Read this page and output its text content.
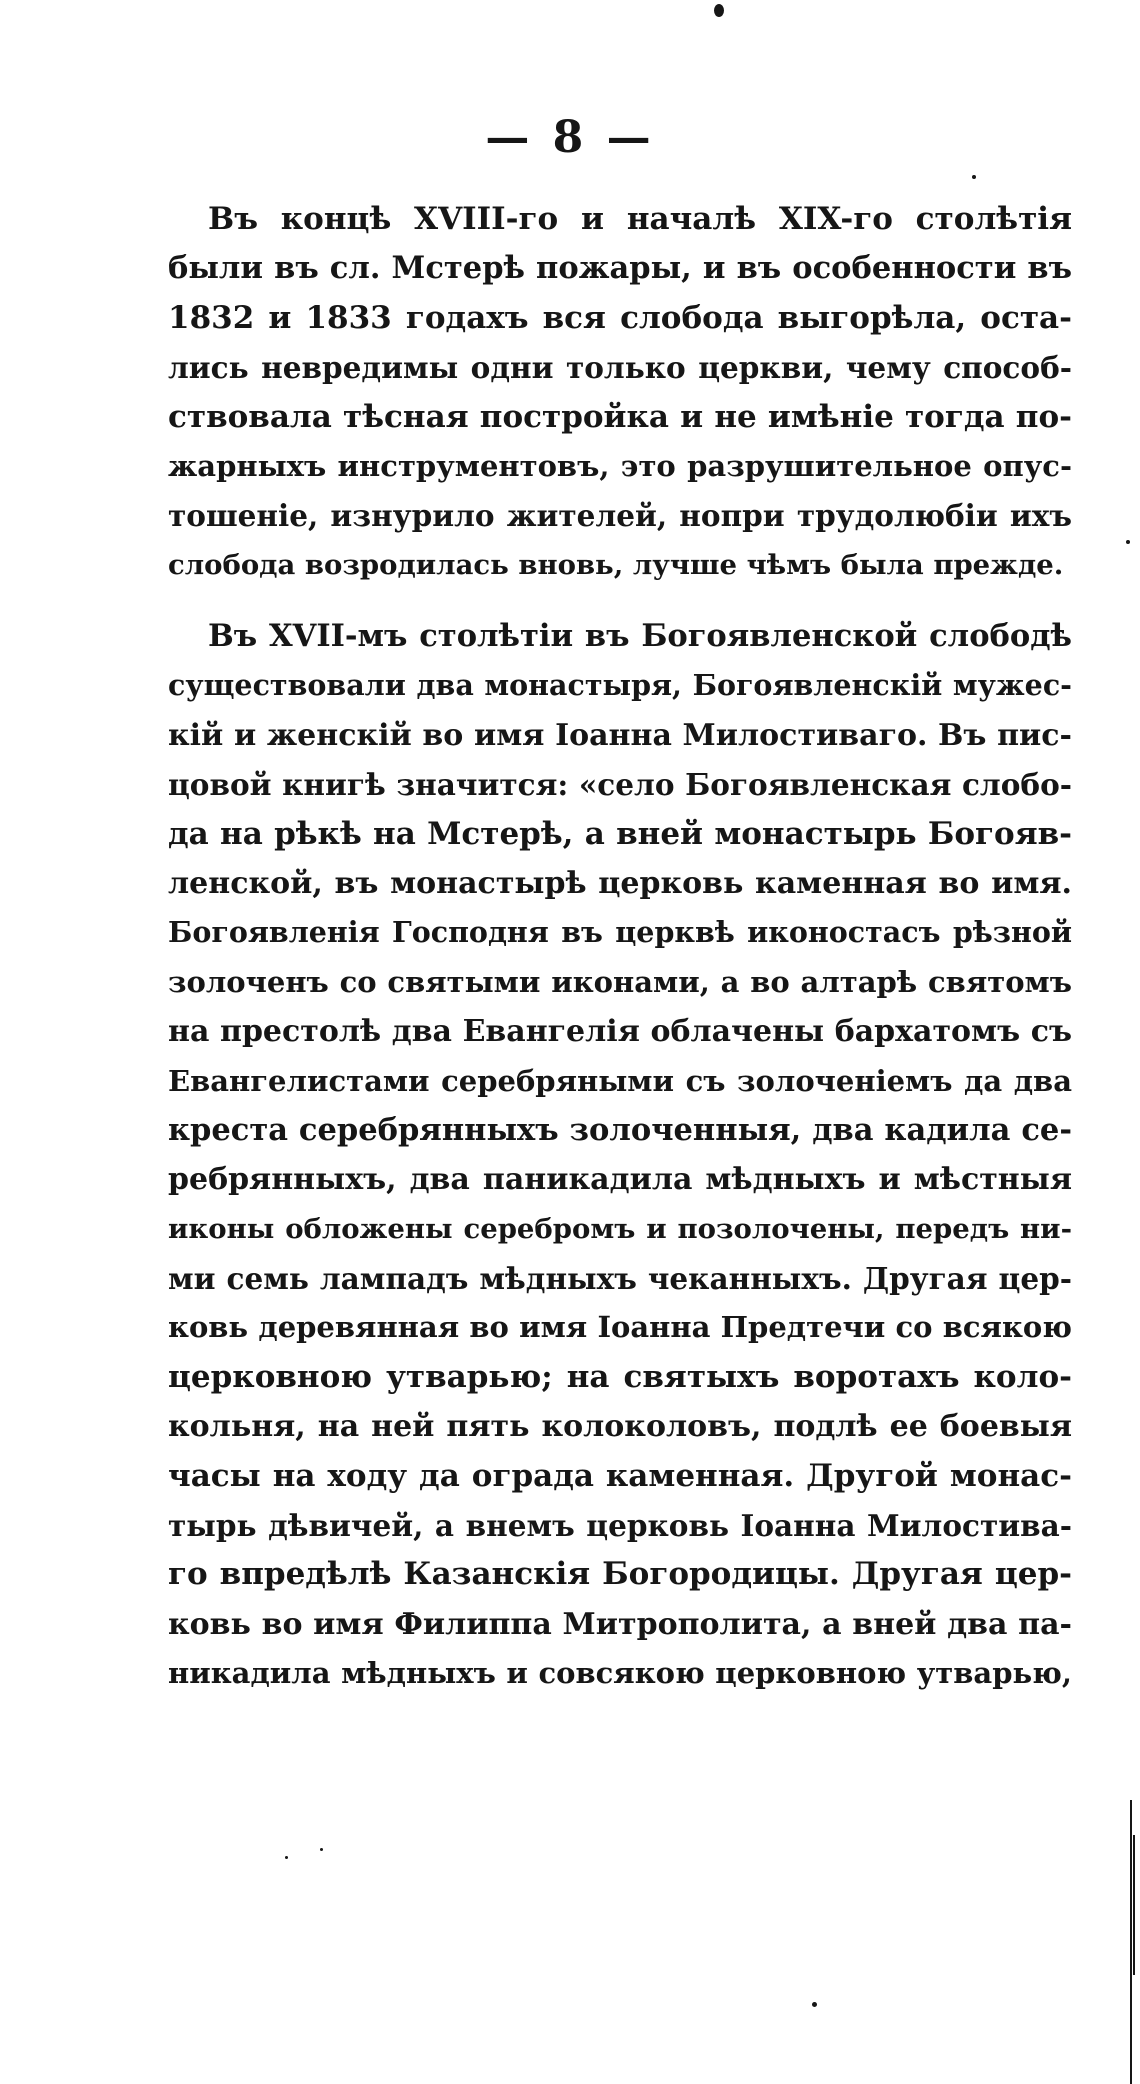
— 8 —
Въ концѣ XVIII-го и началѣ XIX-го столѣтія
были въ сл. Мстерѣ пожары, и въ особенности въ
1832 и 1833 годахъ вся слобода выгорѣла, оста-
лись невредимы одни только церкви, чему способ-
ствовала тѣсная постройка и не имѣніе тогда по-
жарныхъ инструментовъ, это разрушительное опус-
тошеніе, изнурило жителей, нопри трудолюбіи ихъ
слобода возродилась вновь, лучше чѣмъ была прежде.
Въ XVII-мъ столѣтіи въ Богоявленской слободѣ
существовали два монастыря, Богоявленскій мужес-
кій и женскій во имя Іоанна Милостиваго. Въ пис-
цовой книгѣ значится: «село Богоявленская слобо-
да на рѣкѣ на Мстерѣ, а вней монастырь Богояв-
ленской, въ монастырѣ церковь каменная во имя.
Богоявленія Господня въ церквѣ иконостасъ рѣзной
золоченъ со святыми иконами, а во алтарѣ святомъ
на престолѣ два Евангелія облачены бархатомъ съ
Евангелистами серебряными съ золоченіемъ да два
креста серебрянныхъ золоченныя, два кадила се-
ребрянныхъ, два паникадила мѣдныхъ и мѣстныя
иконы обложены серебромъ и позолочены, передъ ни-
ми семь лампадъ мѣдныхъ чеканныхъ. Другая цер-
ковь деревянная во имя Іоанна Предтечи со всякою
церковною утварью; на святыхъ воротахъ коло-
кольня, на ней пять колоколовъ, подлѣ ее боевыя
часы на ходу да ограда каменная. Другой монас-
тырь дѣвичей, а внемъ церковь Іоанна Милостива-
го впредѣлѣ Казанскія Богородицы. Другая цер-
ковь во имя Филиппа Митрополита, а вней два па-
никадила мѣдныхъ и совсякою церковною утварью,
